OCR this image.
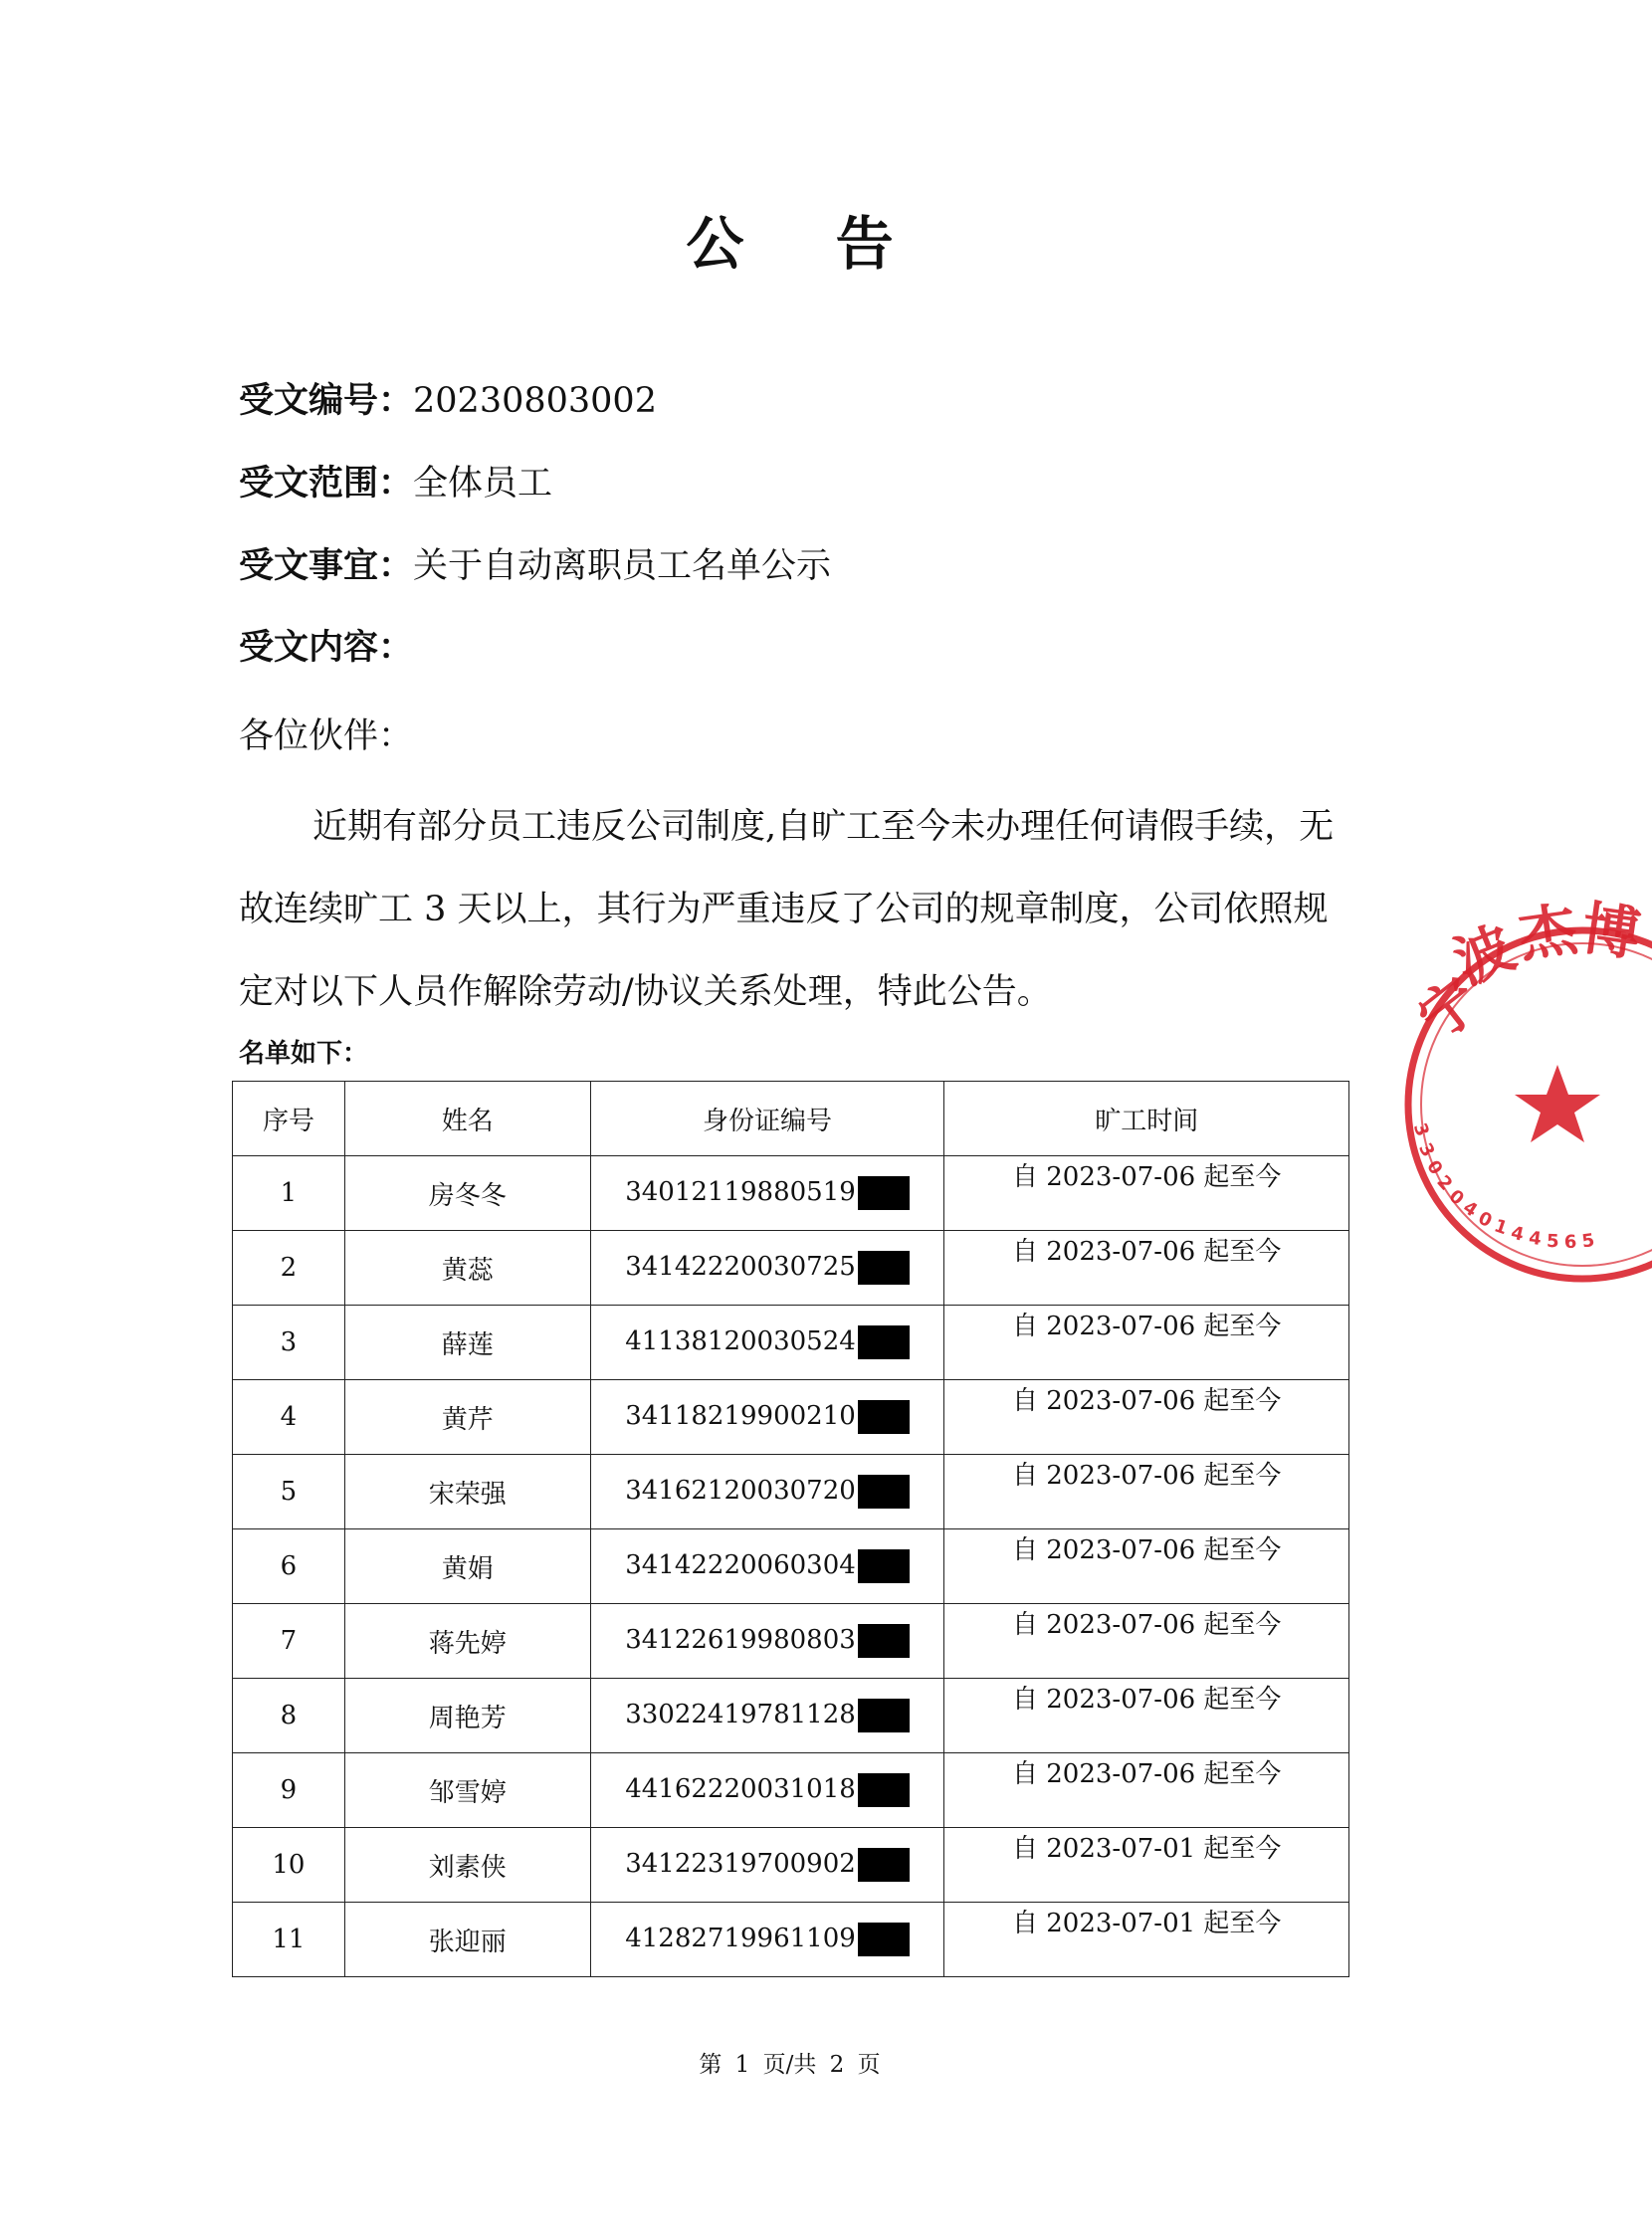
公 告
受文编号：20230803002
受文范围：全体员工
受文事宜：关于自动离职员工名单公示
受文内容：
各位伙伴：
近期有部分员工违反公司制度,自旷工至今未办理任何请假手续，无故连续旷工 3 天以上，其行为严重违反了公司的规章制度，公司依照规定对以下人员作解除劳动/协议关系处理，特此公告。
名单如下：
序号	姓名	身份证编号	旷工时间
1	房冬冬	34012119880519	自 2023-07-06 起至今
2	黄蕊	34142220030725	自 2023-07-06 起至今
3	薛莲	41138120030524	自 2023-07-06 起至今
4	黄芹	34118219900210	自 2023-07-06 起至今
5	宋荣强	34162120030720	自 2023-07-06 起至今
6	黄娟	34142220060304	自 2023-07-06 起至今
7	蒋先婷	34122619980803	自 2023-07-06 起至今
8	周艳芳	33022419781128	自 2023-07-06 起至今
9	邹雪婷	44162220031018	自 2023-07-06 起至今
10	刘素侠	34122319700902	自 2023-07-01 起至今
11	张迎丽	41282719961109	自 2023-07-01 起至今
宁
波
杰
博
3
3
0
2
0
4
0
1 4 4 5 6 5
第 1 页/共 2 页
